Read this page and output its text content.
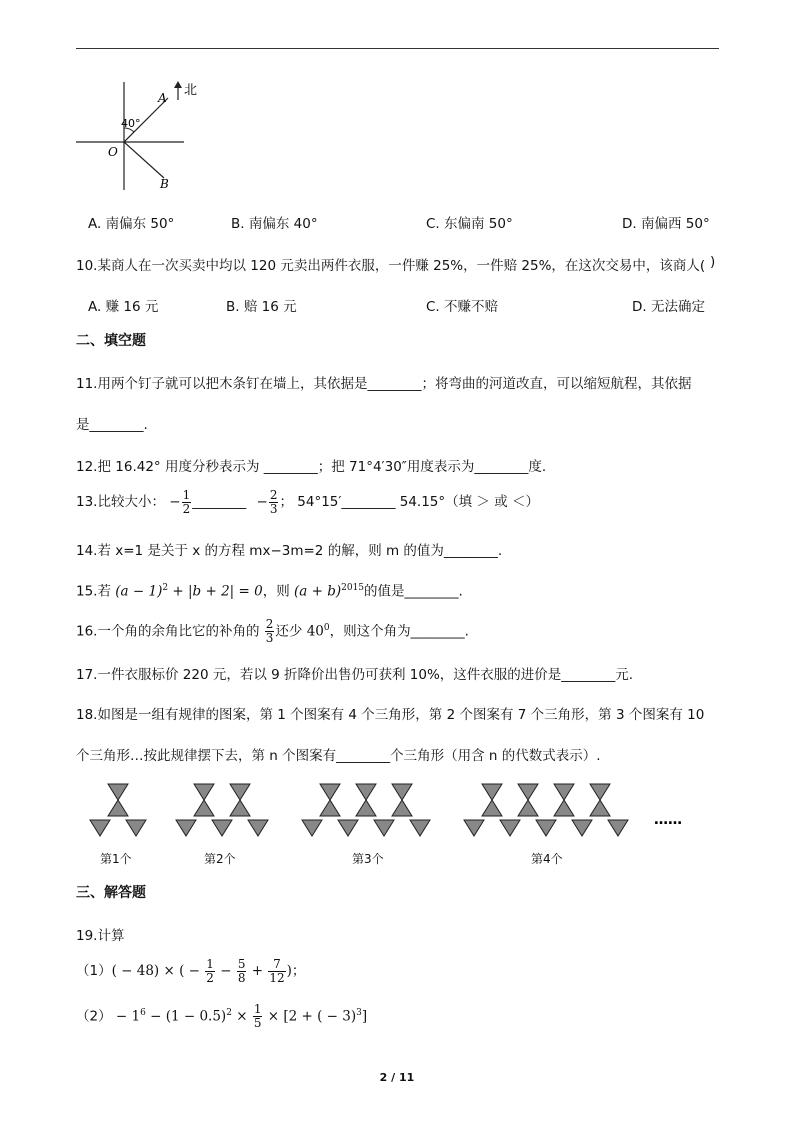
北
40°
O
A
B
A. 南偏东 50°	B. 南偏东 40°	C. 东偏南 50°	D. 南偏西 50°
10.某商人在一次买卖中均以 120 元卖出两件衣服，一件赚 25%，一件赔 25%，在这次交易中，该商人( )
A. 赚 16 元	B. 赔 16 元	C. 不赚不赔	D. 无法确定
二、填空题
11.用两个钉子就可以把木条钉在墙上，其依据是________；将弯曲的河道改直，可以缩短航程，其依据
是________.
12.把 16.42° 用度分秒表示为 ________；把 71°4′30″用度表示为________度.
13.比较大小： − $\frac{1}{2}$ ________ − $\frac{2}{3}$ ； 54°15′________ 54.15°（填 ＞ 或 ＜）
14.若 x=1 是关于 x 的方程 mx−3m=2 的解，则 m 的值为________.
15.若 $(a - 1)^2 + |b + 2| = 0$，则 $(a + b)^{2015}$的值是________.
16.一个角的余角比它的补角的 $\frac{2}{3}$ 还少 $40^0$，则这个角为________.
17.一件衣服标价 220 元，若以 9 折降价出售仍可获利 10%，这件衣服的进价是________元.
18.如图是一组有规律的图案，第 1 个图案有 4 个三角形，第 2 个图案有 7 个三角形，第 3 个图案有 10
个三角形…按此规律摆下去，第 n 个图案有________个三角形（用含 n 的代数式表示）.
……
第1个	第2个	第3个	第4个
三、解答题
19.计算
（1）( − 48) × ( − $\frac{1}{2} - \frac{5}{8} + \frac{7}{12}$ )；
$(2) - 1^6 - (1 - 0.5)^2 \times \frac{1}{5} \times [2$ + ( − 3)$^3$]
2 / 11
